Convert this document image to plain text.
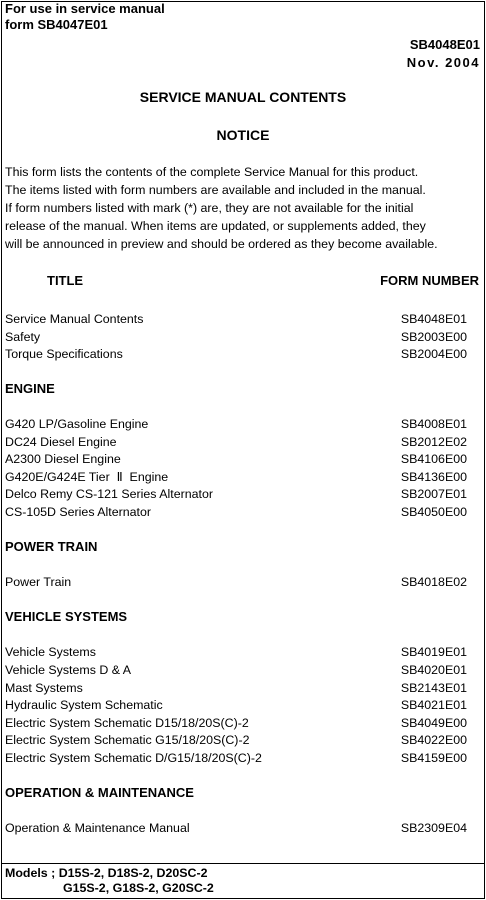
For use in service manual
form SB4047E01
SB4048E01
Nov. 2004
SERVICE MANUAL CONTENTS
NOTICE
This form lists the contents of the complete Service Manual for this product.
The items listed with form numbers are available and included in the manual.
If form numbers listed with mark (*) are, they are not available for the initial
release of the manual. When items are updated, or supplements added, they
will be announced in preview and should be ordered as they become available.
TITLE	FORM NUMBER
Service Manual Contents	SB4048E01
Safety	SB2003E00
Torque Specifications	SB2004E00
ENGINE
G420 LP/Gasoline Engine	SB4008E01
DC24 Diesel Engine	SB2012E02
A2300 Diesel Engine	SB4106E00
G420E/G424E Tier  Ⅱ  Engine	SB4136E00
Delco Remy CS-121 Series Alternator	SB2007E01
CS-105D Series Alternator	SB4050E00
POWER TRAIN
Power Train	SB4018E02
VEHICLE SYSTEMS
Vehicle Systems	SB4019E01
Vehicle Systems D & A	SB4020E01
Mast Systems	SB2143E01
Hydraulic System Schematic	SB4021E01
Electric System Schematic D15/18/20S(C)-2	SB4049E00
Electric System Schematic G15/18/20S(C)-2	SB4022E00
Electric System Schematic D/G15/18/20S(C)-2	SB4159E00
OPERATION & MAINTENANCE
Operation & Maintenance Manual	SB2309E04
Models ; D15S-2, D18S-2, D20SC-2
G15S-2, G18S-2, G20SC-2
